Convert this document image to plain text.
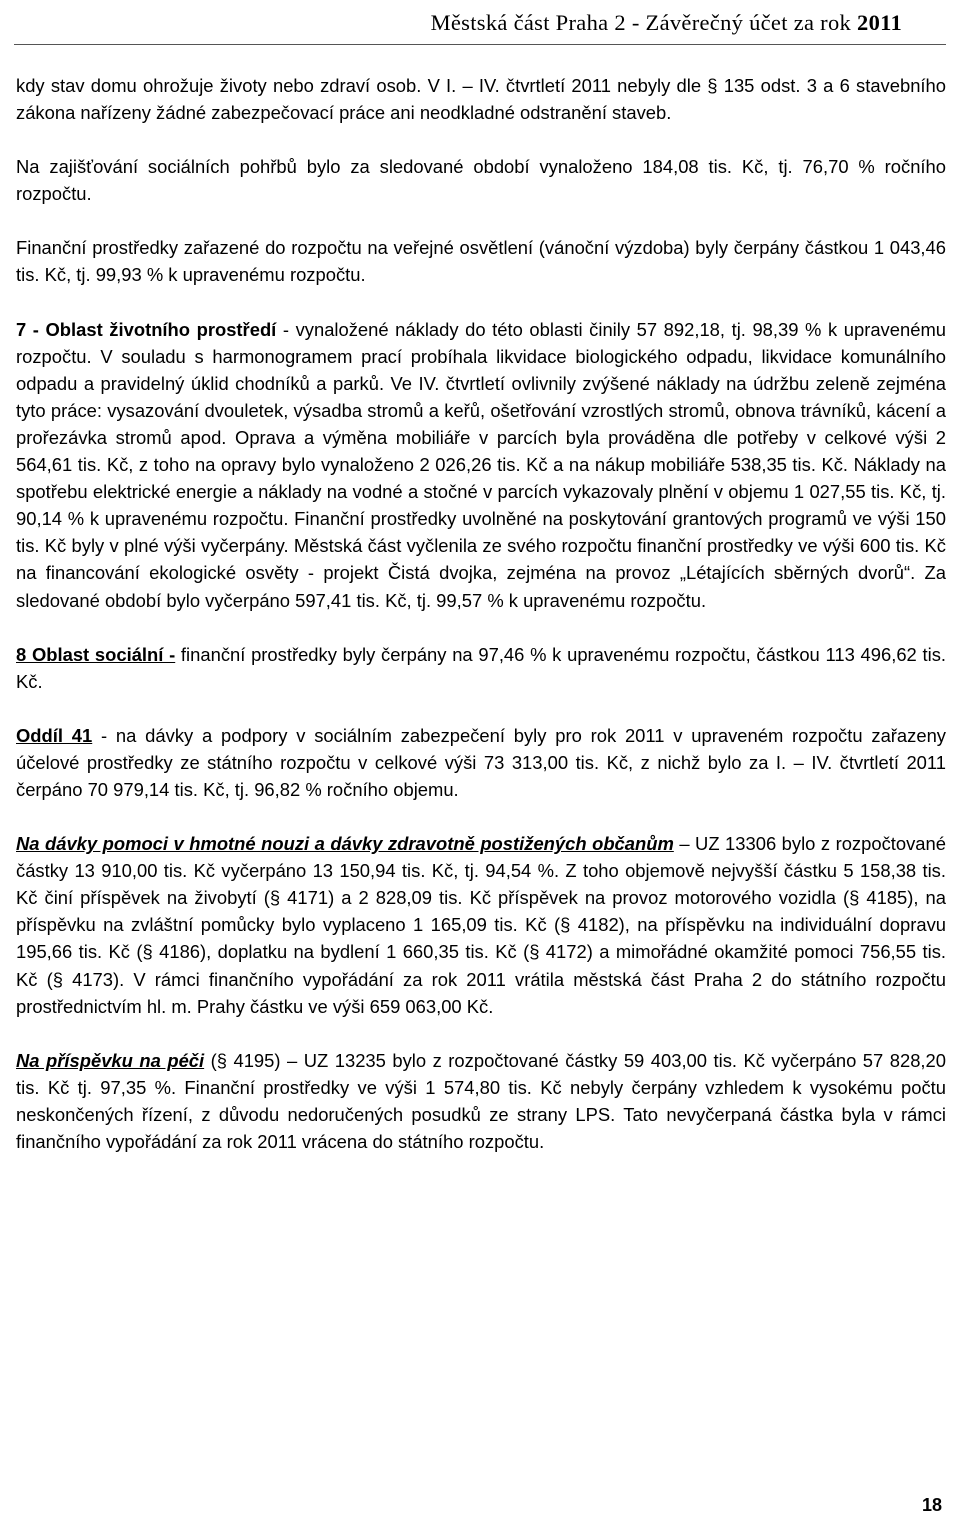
Městská část Praha 2 - Závěrečný účet za rok 2011

kdy stav domu ohrožuje životy nebo zdraví osob. V I. – IV. čtvrtletí 2011 nebyly dle § 135 odst. 3 a 6 stavebního zákona nařízeny žádné zabezpečovací práce ani neodkladné odstranění staveb.

Na zajišťování sociálních pohřbů bylo za sledované období vynaloženo 184,08 tis. Kč, tj. 76,70 % ročního rozpočtu.

Finanční prostředky zařazené do rozpočtu na veřejné osvětlení (vánoční výzdoba) byly čerpány částkou 1 043,46 tis. Kč, tj. 99,93 % k upravenému rozpočtu.

7 - Oblast životního prostředí - vynaložené náklady do této oblasti činily 57 892,18, tj. 98,39 % k upravenému rozpočtu. V souladu s harmonogramem prací probíhala likvidace biologického odpadu, likvidace komunálního odpadu a pravidelný úklid chodníků a parků. Ve IV. čtvrtletí ovlivnily zvýšené náklady na údržbu zeleně zejména tyto práce: vysazování dvouletek, výsadba stromů a keřů, ošetřování vzrostlých stromů, obnova trávníků, kácení a prořezávka stromů apod. Oprava a výměna mobiliáře v parcích byla prováděna dle potřeby v celkové výši 2 564,61 tis. Kč, z toho na opravy bylo vynaloženo 2 026,26 tis. Kč a na nákup mobiliáře 538,35 tis. Kč. Náklady na spotřebu elektrické energie a náklady na vodné a stočné v parcích vykazovaly plnění v objemu 1 027,55 tis. Kč, tj. 90,14 % k upravenému rozpočtu. Finanční prostředky uvolněné na poskytování grantových programů ve výši 150 tis. Kč byly v plné výši vyčerpány. Městská část vyčlenila ze svého rozpočtu finanční prostředky ve výši 600 tis. Kč na financování ekologické osvěty - projekt Čistá dvojka, zejména na provoz „Létajících sběrných dvorů“. Za sledované období bylo vyčerpáno 597,41 tis. Kč, tj. 99,57 % k upravenému rozpočtu.

8 Oblast sociální - finanční prostředky byly čerpány na 97,46 % k upravenému rozpočtu, částkou 113 496,62 tis. Kč.

Oddíl 41 - na dávky a podpory v sociálním zabezpečení byly pro rok 2011 v upraveném rozpočtu zařazeny účelové prostředky ze státního rozpočtu v celkové výši 73 313,00 tis. Kč, z nichž bylo za I. – IV. čtvrtletí 2011 čerpáno 70 979,14 tis. Kč, tj. 96,82 % ročního objemu.

Na dávky pomoci v hmotné nouzi a dávky zdravotně postižených občanům – UZ 13306 bylo z rozpočtované částky 13 910,00 tis. Kč vyčerpáno 13 150,94 tis. Kč, tj. 94,54 %. Z toho objemově nejvyšší částku 5 158,38 tis. Kč činí příspěvek na živobytí (§ 4171) a 2 828,09 tis. Kč příspěvek na provoz motorového vozidla (§ 4185), na příspěvku na zvláštní pomůcky bylo vyplaceno 1 165,09 tis. Kč (§ 4182), na příspěvku na individuální dopravu 195,66 tis. Kč (§ 4186), doplatku na bydlení 1 660,35 tis. Kč (§ 4172) a mimořádné okamžité pomoci 756,55 tis. Kč (§ 4173). V rámci finančního vypořádání za rok 2011 vrátila městská část Praha 2 do státního rozpočtu prostřednictvím hl. m. Prahy částku ve výši 659 063,00 Kč.

Na příspěvku na péči (§ 4195) – UZ 13235 bylo z rozpočtované částky 59 403,00 tis. Kč vyčerpáno 57 828,20 tis. Kč tj. 97,35 %. Finanční prostředky ve výši 1 574,80 tis. Kč nebyly čerpány vzhledem k vysokému počtu neskončených řízení, z důvodu nedoručených posudků ze strany LPS. Tato nevyčerpaná částka byla v rámci finančního vypořádání za rok 2011 vrácena do státního rozpočtu.

18
